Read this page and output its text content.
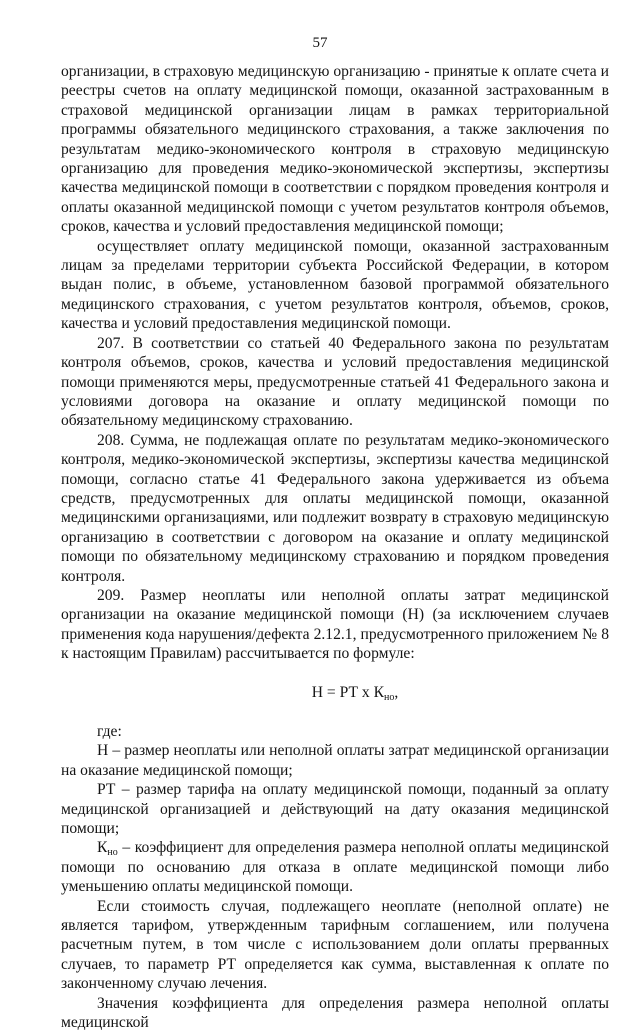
57

организации, в страховую медицинскую организацию - принятые к оплате счета и реестры счетов на оплату медицинской помощи, оказанной застрахованным в страховой медицинской организации лицам в рамках территориальной программы обязательного медицинского страхования, а также заключения по результатам медико-экономического контроля в страховую медицинскую организацию для проведения медико-экономической экспертизы, экспертизы качества медицинской помощи в соответствии с порядком проведения контроля и оплаты оказанной медицинской помощи с учетом результатов контроля объемов, сроков, качества и условий предоставления медицинской помощи;

осуществляет оплату медицинской помощи, оказанной застрахованным лицам за пределами территории субъекта Российской Федерации, в котором выдан полис, в объеме, установленном базовой программой обязательного медицинского страхования, с учетом результатов контроля, объемов, сроков, качества и условий предоставления медицинской помощи.

207. В соответствии со статьей 40 Федерального закона по результатам контроля объемов, сроков, качества и условий предоставления медицинской помощи применяются меры, предусмотренные статьей 41 Федерального закона и условиями договора на оказание и оплату медицинской помощи по обязательному медицинскому страхованию.

208. Сумма, не подлежащая оплате по результатам медико-экономического контроля, медико-экономической экспертизы, экспертизы качества медицинской помощи, согласно статье 41 Федерального закона удерживается из объема средств, предусмотренных для оплаты медицинской помощи, оказанной медицинскими организациями, или подлежит возврату в страховую медицинскую организацию в соответствии с договором на оказание и оплату медицинской помощи по обязательному медицинскому страхованию и порядком проведения контроля.

209. Размер неоплаты или неполной оплаты затрат медицинской организации на оказание медицинской помощи (Н) (за исключением случаев применения кода нарушения/дефекта 2.12.1, предусмотренного приложением № 8 к настоящим Правилам) рассчитывается по формуле:

Н = РТ х $К_{но}$,

где:

Н – размер неоплаты или неполной оплаты затрат медицинской организации на оказание медицинской помощи;

РТ – размер тарифа на оплату медицинской помощи, поданный за оплату медицинской организацией и действующий на дату оказания медицинской помощи;

$К_{но}$ – коэффициент для определения размера неполной оплаты медицинской помощи по основанию для отказа в оплате медицинской помощи либо уменьшению оплаты медицинской помощи.

Если стоимость случая, подлежащего неоплате (неполной оплате) не является тарифом, утвержденным тарифным соглашением, или получена расчетным путем, в том числе с использованием доли оплаты прерванных случаев, то параметр РТ определяется как сумма, выставленная к оплате по законченному случаю лечения.

Значения коэффициента для определения размера неполной оплаты медицинской
